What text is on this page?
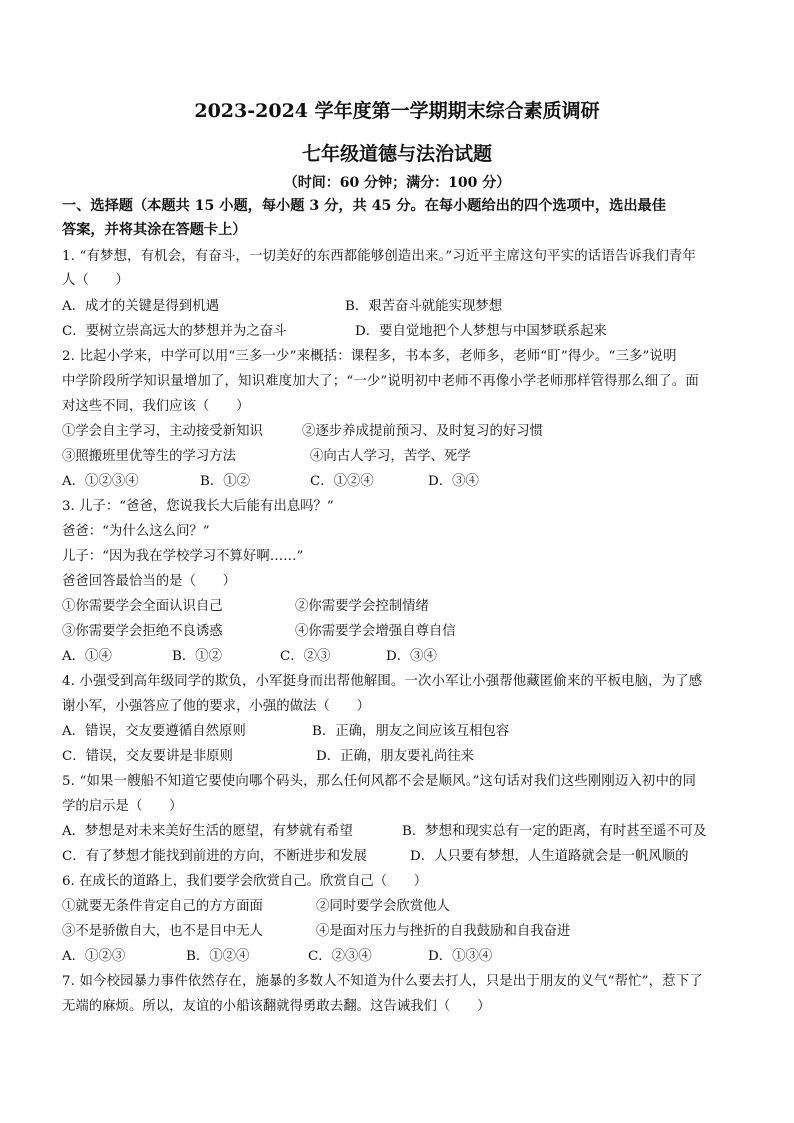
2023-2024 学年度第一学期期末综合素质调研
七年级道德与法治试题
（时间：60 分钟；满分：100 分）
一、选择题（本题共 15 小题，每小题 3 分，共 45 分。在每小题给出的四个选项中，选出最佳
答案，并将其涂在答题卡上）
1. “有梦想，有机会，有奋斗，一切美好的东西都能够创造出来。”习近平主席这句平实的话语告诉我们青年
人（　　）
A．成才的关键是得到机遇	B．艰苦奋斗就能实现梦想
C．要树立崇高远大的梦想并为之奋斗	D．要自觉地把个人梦想与中国梦联系起来
2. 比起小学来，中学可以用“三多一少”来概括：课程多，书本多，老师多，老师“盯”得少。“三多”说明
中学阶段所学知识量增加了，知识难度加大了；“一少”说明初中老师不再像小学老师那样管得那么细了。面
对这些不同，我们应该（　　）
①学会自主学习，主动接受新知识	②逐步养成提前预习、及时复习的好习惯
③照搬班里优等生的学习方法	④向古人学习，苦学、死学
A．①②③④	B．①②	C．①②④	D．③④
3. 儿子：“爸爸，您说我长大后能有出息吗？”
爸爸：“为什么这么问？”
儿子：“因为我在学校学习不算好啊……”
爸爸回答最恰当的是（　　）
①你需要学会全面认识自己	②你需要学会控制情绪
③你需要学会拒绝不良诱惑	④你需要学会增强自尊自信
A．①④	B．①②	C．②③	D．③④
4. 小强受到高年级同学的欺负，小军挺身而出帮他解围。一次小军让小强帮他藏匿偷来的平板电脑，为了感
谢小军，小强答应了他的要求，小强的做法（　　）
A．错误，交友要遵循自然原则	B．正确，朋友之间应该互相包容
C．错误，交友要讲是非原则	D．正确，朋友要礼尚往来
5. “如果一艘船不知道它要使向哪个码头，那么任何风都不会是顺风。”这句话对我们这些刚刚迈入初中的同
学的启示是（　　）
A．梦想是对未来美好生活的愿望，有梦就有希望	B．梦想和现实总有一定的距离，有时甚至遥不可及
C．有了梦想才能找到前进的方向，不断进步和发展	D．人只要有梦想，人生道路就会是一帆风顺的
6. 在成长的道路上，我们要学会欣赏自己。欣赏自己（　　）
①就要无条件肯定自己的方方面面	②同时要学会欣赏他人
③不是骄傲自大，也不是目中无人	④是面对压力与挫折的自我鼓励和自我奋进
A．①②③	B．①②④	C．②③④	D．①③④
7. 如今校园暴力事件依然存在，施暴的多数人不知道为什么要去打人，只是出于朋友的义气“帮忙”，惹下了
无端的麻烦。所以，友谊的小船该翻就得勇敢去翻。这告诫我们（　　）
